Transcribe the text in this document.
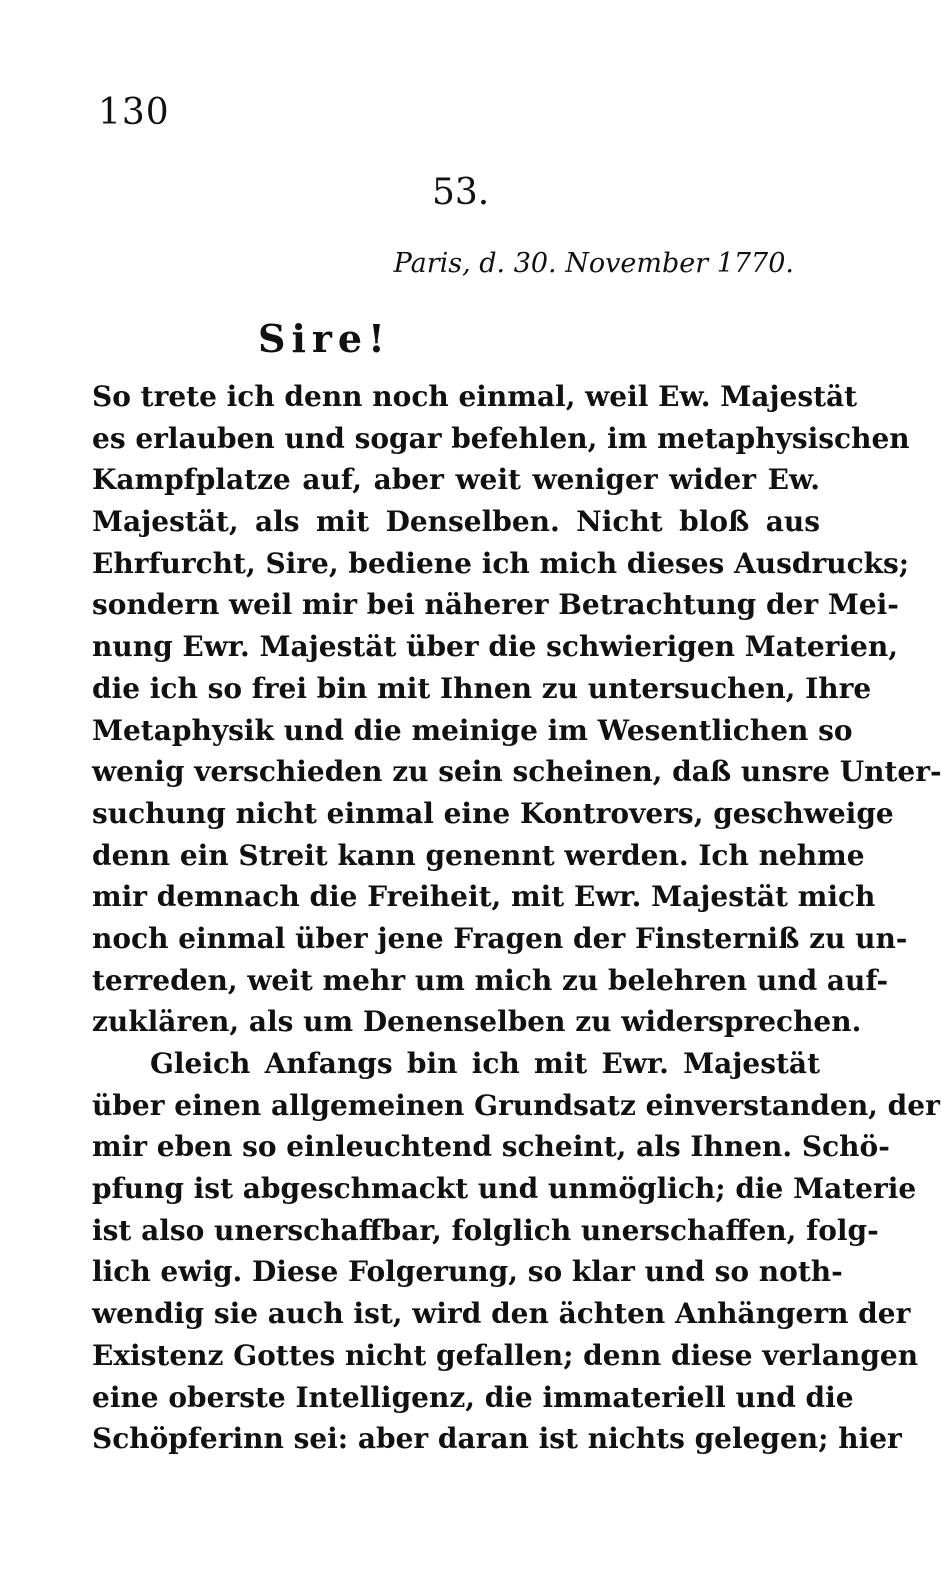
130
53.
Paris, d. 30. November 1770.
Sire!
So trete ich denn noch einmal, weil Ew. Majestät
es erlauben und sogar befehlen, im metaphysischen
Kampfplatze auf, aber weit weniger wider Ew.
Majestät, als mit Denselben. Nicht bloß aus
Ehrfurcht, Sire, bediene ich mich dieses Ausdrucks;
sondern weil mir bei näherer Betrachtung der Mei-
nung Ewr. Majestät über die schwierigen Materien,
die ich so frei bin mit Ihnen zu untersuchen, Ihre
Metaphysik und die meinige im Wesentlichen so
wenig verschieden zu sein scheinen, daß unsre Unter-
suchung nicht einmal eine Kontrovers, geschweige
denn ein Streit kann genennt werden. Ich nehme
mir demnach die Freiheit, mit Ewr. Majestät mich
noch einmal über jene Fragen der Finsterniß zu un-
terreden, weit mehr um mich zu belehren und auf-
zuklären, als um Denenselben zu widersprechen.
Gleich Anfangs bin ich mit Ewr. Majestät
über einen allgemeinen Grundsatz einverstanden, der
mir eben so einleuchtend scheint, als Ihnen. Schö-
pfung ist abgeschmackt und unmöglich; die Materie
ist also unerschaffbar, folglich unerschaffen, folg-
lich ewig. Diese Folgerung, so klar und so noth-
wendig sie auch ist, wird den ächten Anhängern der
Existenz Gottes nicht gefallen; denn diese verlangen
eine oberste Intelligenz, die immateriell und die
Schöpferinn sei: aber daran ist nichts gelegen; hier
